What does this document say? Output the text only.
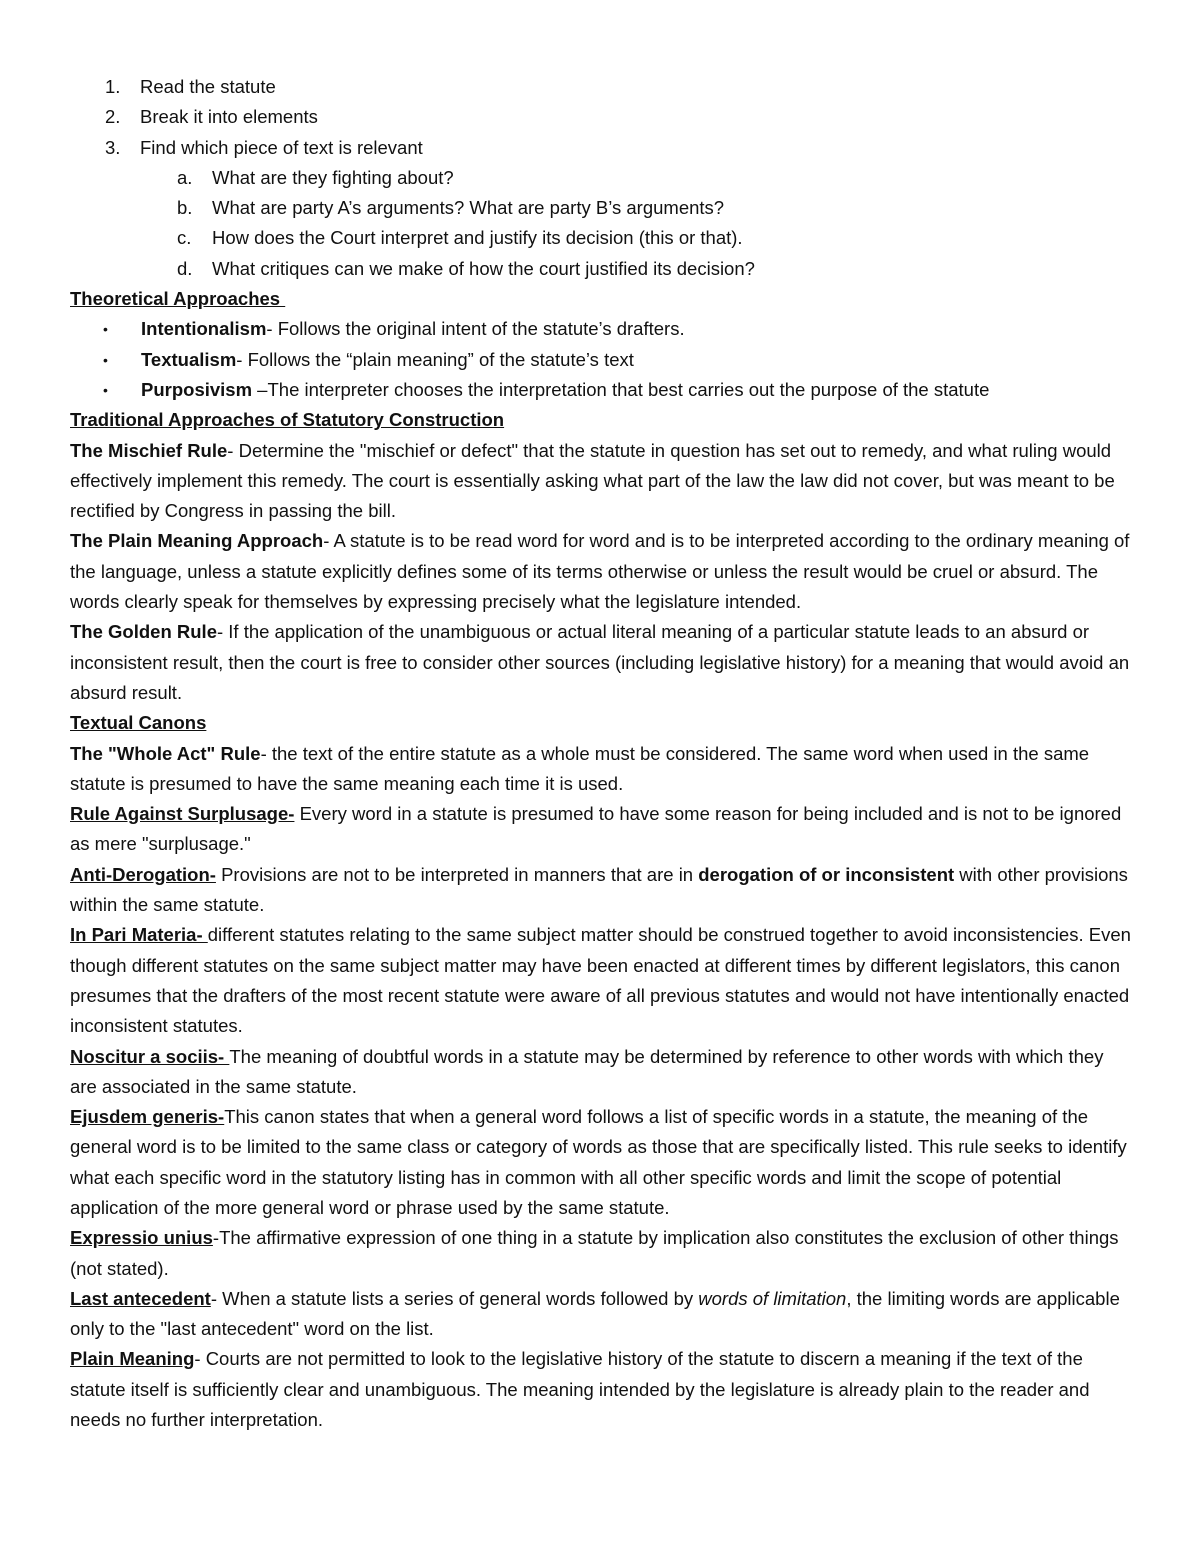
1. Read the statute
2. Break it into elements
3. Find which piece of text is relevant
a. What are they fighting about?
b. What are party A’s arguments? What are party B’s arguments?
c. How does the Court interpret and justify its decision (this or that).
d. What critiques can we make of how the court justified its decision?
Theoretical Approaches
• Intentionalism- Follows the original intent of the statute’s drafters.
• Textualism- Follows the “plain meaning” of the statute’s text
• Purposivism –The interpreter chooses the interpretation that best carries out the purpose of the statute
Traditional Approaches of Statutory Construction
The Mischief Rule- Determine the "mischief or defect" that the statute in question has set out to remedy, and what ruling would effectively implement this remedy. The court is essentially asking what part of the law the law did not cover, but was meant to be rectified by Congress in passing the bill.
The Plain Meaning Approach- A statute is to be read word for word and is to be interpreted according to the ordinary meaning of the language, unless a statute explicitly defines some of its terms otherwise or unless the result would be cruel or absurd. The words clearly speak for themselves by expressing precisely what the legislature intended.
The Golden Rule- If the application of the unambiguous or actual literal meaning of a particular statute leads to an absurd or inconsistent result, then the court is free to consider other sources (including legislative history) for a meaning that would avoid an absurd result.
Textual Canons
The "Whole Act" Rule- the text of the entire statute as a whole must be considered. The same word when used in the same statute is presumed to have the same meaning each time it is used.
Rule Against Surplusage- Every word in a statute is presumed to have some reason for being included and is not to be ignored as mere "surplusage."
Anti-Derogation- Provisions are not to be interpreted in manners that are in derogation of or inconsistent with other provisions within the same statute.
In Pari Materia- different statutes relating to the same subject matter should be construed together to avoid inconsistencies. Even though different statutes on the same subject matter may have been enacted at different times by different legislators, this canon presumes that the drafters of the most recent statute were aware of all previous statutes and would not have intentionally enacted inconsistent statutes.
Noscitur a sociis- The meaning of doubtful words in a statute may be determined by reference to other words with which they are associated in the same statute.
Ejusdem generis-This canon states that when a general word follows a list of specific words in a statute, the meaning of the general word is to be limited to the same class or category of words as those that are specifically listed. This rule seeks to identify what each specific word in the statutory listing has in common with all other specific words and limit the scope of potential application of the more general word or phrase used by the same statute.
Expressio unius-The affirmative expression of one thing in a statute by implication also constitutes the exclusion of other things (not stated).
Last antecedent- When a statute lists a series of general words followed by words of limitation, the limiting words are applicable only to the "last antecedent" word on the list.
Plain Meaning- Courts are not permitted to look to the legislative history of the statute to discern a meaning if the text of the statute itself is sufficiently clear and unambiguous. The meaning intended by the legislature is already plain to the reader and needs no further interpretation.
